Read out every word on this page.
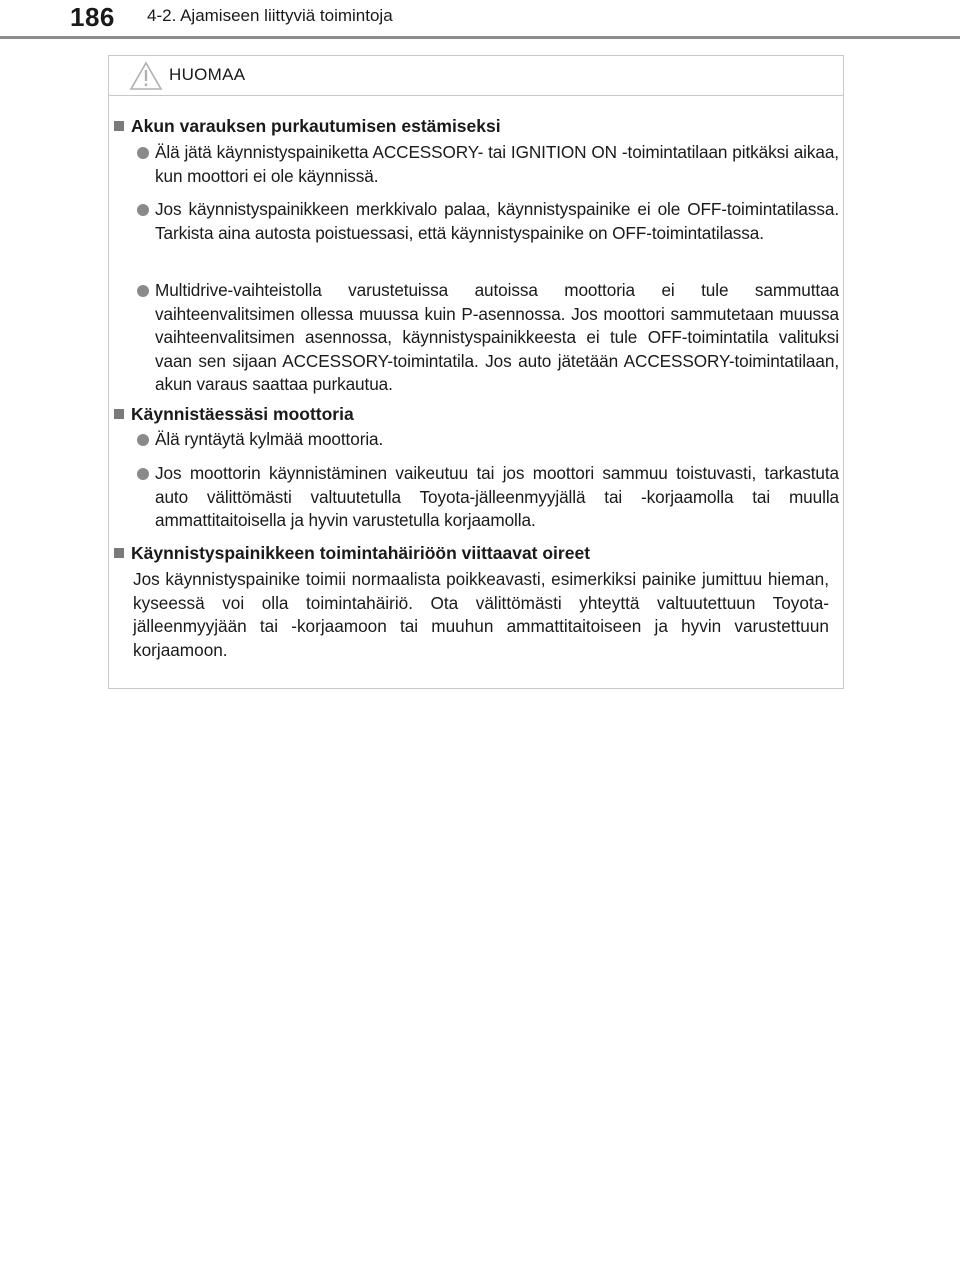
186 4-2. Ajamiseen liittyviä toimintoja
HUOMAA
Akun varauksen purkautumisen estämiseksi
Älä jätä käynnistyspainiketta ACCESSORY- tai IGNITION ON -toimintatilaan pitkäksi aikaa, kun moottori ei ole käynnissä.
Jos käynnistyspainikkeen merkkivalo palaa, käynnistyspainike ei ole OFF-toimintatilassa. Tarkista aina autosta poistuessasi, että käynnistyspainike on OFF-toimintatilassa.
Multidrive-vaihteistolla varustetuissa autoissa moottoria ei tule sammuttaa vaihteenvalitsimen ollessa muussa kuin P-asennossa. Jos moottori sammutetaan muussa vaihteenvalitsimen asennossa, käynnistyspainikkeesta ei tule OFF-toimintatila valituksi vaan sen sijaan ACCESSORY-toimintatila. Jos auto jätetään ACCESSORY-toimintatilaan, akun varaus saattaa purkautua.
Käynnistäessäsi moottoria
Älä ryntäytä kylmää moottoria.
Jos moottorin käynnistäminen vaikeutuu tai jos moottori sammuu toistuvasti, tarkastuta auto välittömästi valtuutetulla Toyota-jälleenmyyjällä tai -korjaamolla tai muulla ammattitaitoisella ja hyvin varustetulla korjaamolla.
Käynnistyspainikkeen toimintahäiriöön viittaavat oireet
Jos käynnistyspainike toimii normaalista poikkeavasti, esimerkiksi painike jumittuu hieman, kyseessä voi olla toimintahäiriö. Ota välittömästi yhteyttä valtuutettuun Toyota-jälleenmyyjään tai -korjaamoon tai muuhun ammattitaitoiseen ja hyvin varustettuun korjaamoon.
